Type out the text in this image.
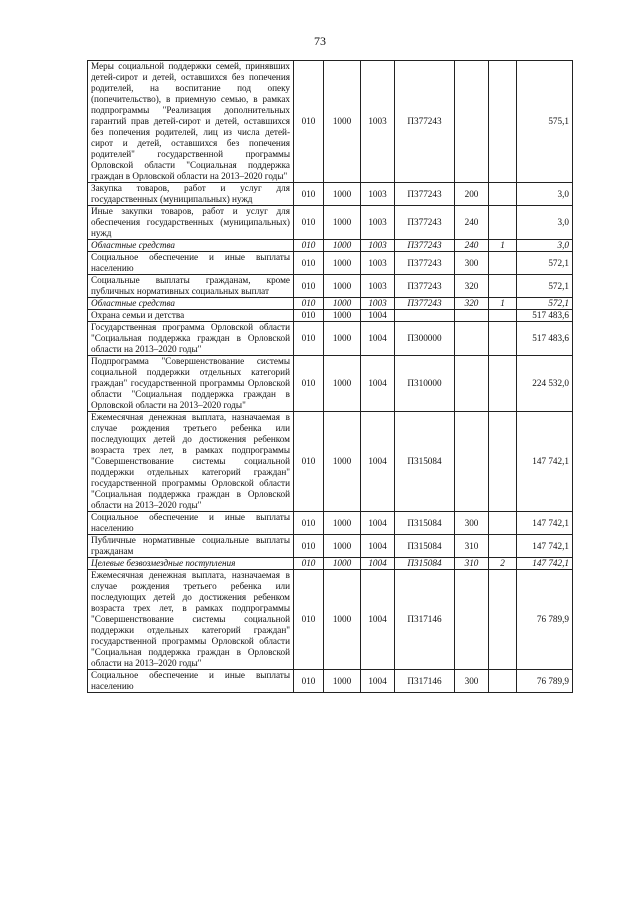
73
Меры социальной поддержки семей, принявших детей-сирот и детей, оставшихся без попечения родителей, на воспитание под опеку (попечительство), в приемную семью, в рамках подпрограммы "Реализация дополнительных гарантий прав детей-сирот и детей, оставшихся без попечения родителей, лиц из числа детей-сирот и детей, оставшихся без попечения родителей" государственной программы Орловской области "Социальная поддержка граждан в Орловской области на 2013–2020 годы"	010	1000	1003	П377243			575,1
Закупка товаров, работ и услуг для государственных (муниципальных) нужд	010	1000	1003	П377243	200		3,0
Иные закупки товаров, работ и услуг для обеспечения государственных (муниципальных) нужд	010	1000	1003	П377243	240		3,0
Областные средства	010	1000	1003	П377243	240	1	3,0
Социальное обеспечение и иные выплаты населению	010	1000	1003	П377243	300		572,1
Социальные выплаты гражданам, кроме публичных нормативных социальных выплат	010	1000	1003	П377243	320		572,1
Областные средства	010	1000	1003	П377243	320	1	572,1
Охрана семьи и детства	010	1000	1004				517 483,6
Государственная программа Орловской области "Социальная поддержка граждан в Орловской области на 2013–2020 годы"	010	1000	1004	П300000			517 483,6
Подпрограмма "Совершенствование системы социальной поддержки отдельных категорий граждан" государственной программы Орловской области "Социальная поддержка граждан в Орловской области на 2013–2020 годы"	010	1000	1004	П310000			224 532,0
Ежемесячная денежная выплата, назначаемая в случае рождения третьего ребенка или последующих детей до достижения ребенком возраста трех лет, в рамках подпрограммы "Совершенствование системы социальной поддержки отдельных категорий граждан" государственной программы Орловской области "Социальная поддержка граждан в Орловской области на 2013–2020 годы"	010	1000	1004	П315084			147 742,1
Социальное обеспечение и иные выплаты населению	010	1000	1004	П315084	300		147 742,1
Публичные нормативные социальные выплаты гражданам	010	1000	1004	П315084	310		147 742,1
Целевые безвозмездные поступления	010	1000	1004	П315084	310	2	147 742,1
Ежемесячная денежная выплата, назначаемая в случае рождения третьего ребенка или последующих детей до достижения ребенком возраста трех лет, в рамках подпрограммы "Совершенствование системы социальной поддержки отдельных категорий граждан" государственной программы Орловской области "Социальная поддержка граждан в Орловской области на 2013–2020 годы"	010	1000	1004	П317146			76 789,9
Социальное обеспечение и иные выплаты населению	010	1000	1004	П317146	300		76 789,9
